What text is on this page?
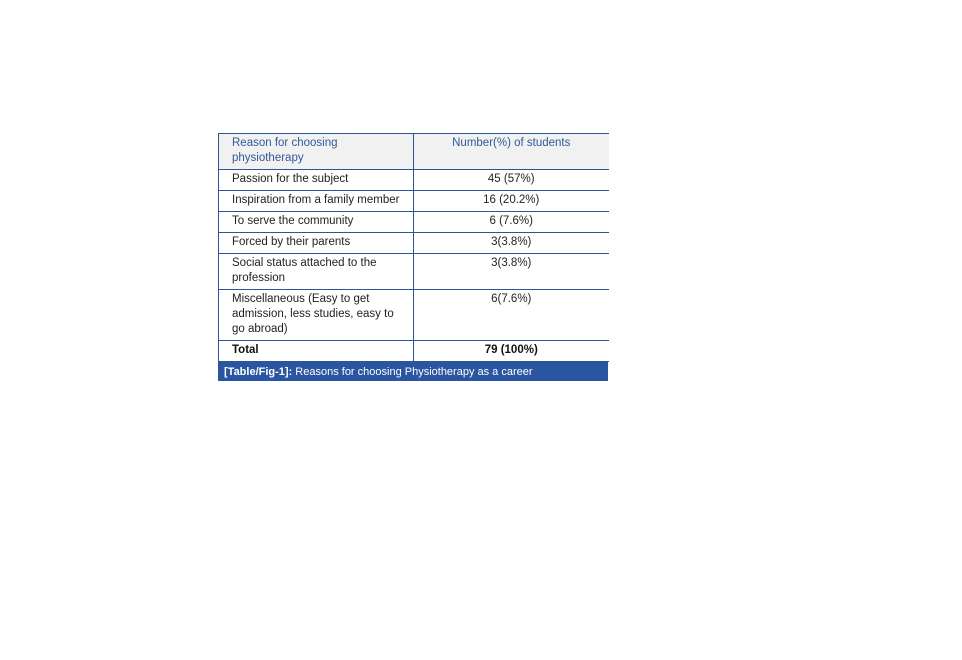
Reason for choosing physiotherapy	Number(%) of students
Passion for the subject	45 (57%)
Inspiration from a family member	16 (20.2%)
To serve the community	6 (7.6%)
Forced by their parents	3(3.8%)
Social status attached to the profession	3(3.8%)
Miscellaneous (Easy to get admission, less studies, easy to go abroad)	6(7.6%)
Total	79 (100%)
[Table/Fig-1]: Reasons for choosing Physiotherapy as a career
